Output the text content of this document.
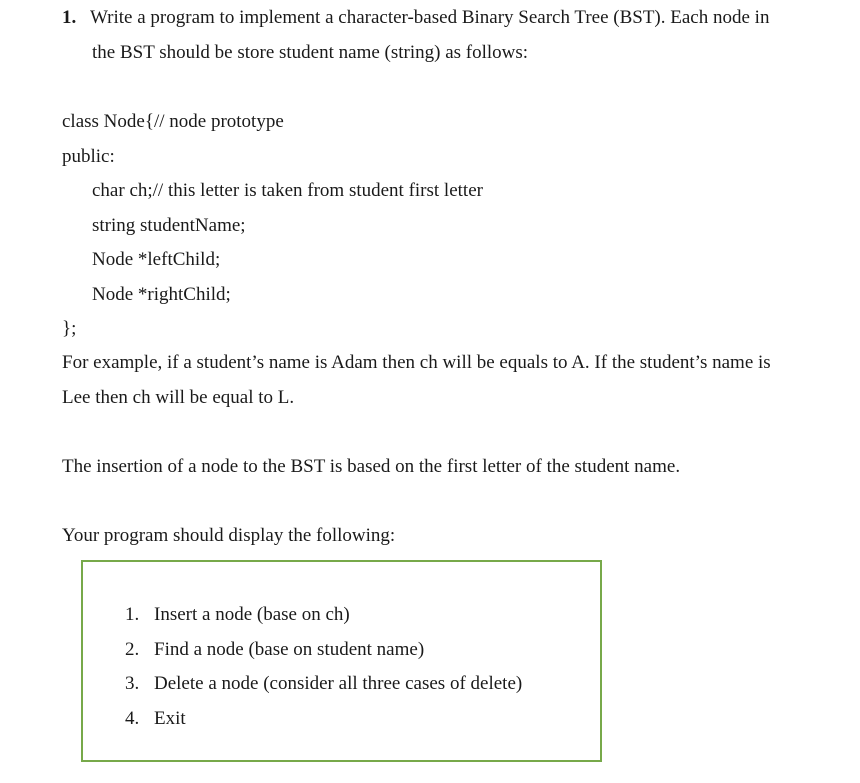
1. Write a program to implement a character-based Binary Search Tree (BST). Each node in
the BST should be store student name (string) as follows:
class Node{// node prototype
public:
char ch;// this letter is taken from student first letter
string studentName;
Node *leftChild;
Node *rightChild;
};
For example, if a student’s name is Adam then ch will be equals to A. If the student’s name is
Lee then ch will be equal to L.
The insertion of a node to the BST is based on the first letter of the student name.
Your program should display the following:
1. Insert a node (base on ch)
2. Find a node (base on student name)
3. Delete a node (consider all three cases of delete)
4. Exit
